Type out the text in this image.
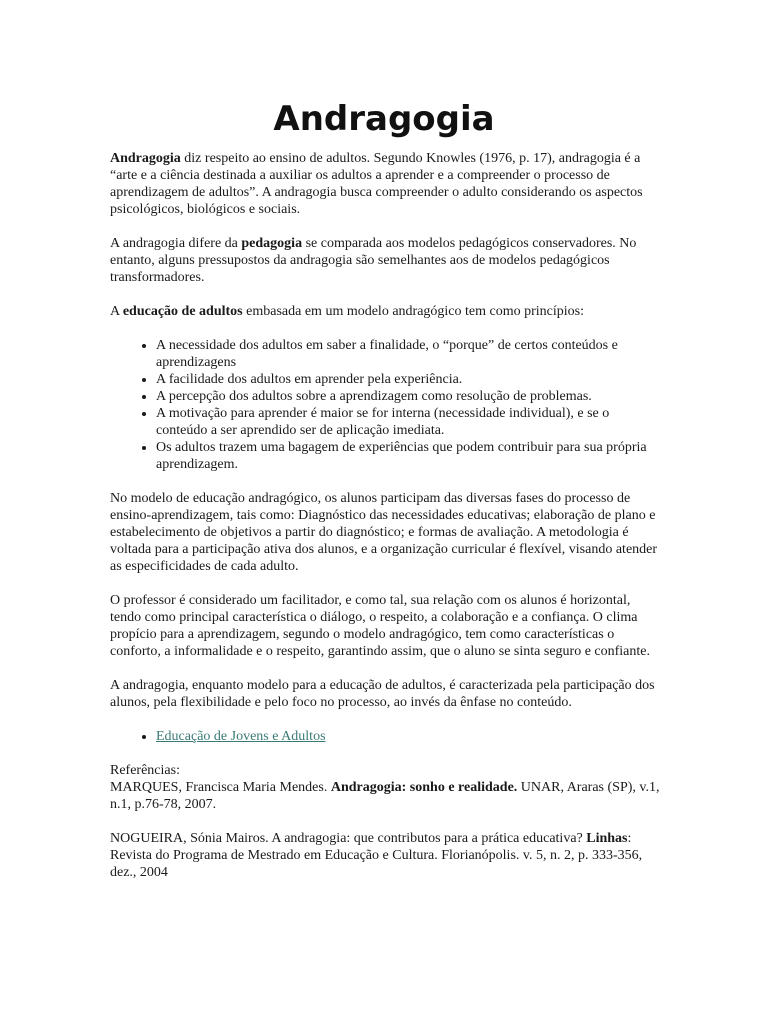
Andragogia

Andragogia diz respeito ao ensino de adultos. Segundo Knowles (1976, p. 17), andragogia é a “arte e a ciência destinada a auxiliar os adultos a aprender e a compreender o processo de aprendizagem de adultos”. A andragogia busca compreender o adulto considerando os aspectos psicológicos, biológicos e sociais.

A andragogia difere da pedagogia se comparada aos modelos pedagógicos conservadores. No entanto, alguns pressupostos da andragogia são semelhantes aos de modelos pedagógicos transformadores.

A educação de adultos embasada em um modelo andragógico tem como princípios:

• A necessidade dos adultos em saber a finalidade, o “porque” de certos conteúdos e aprendizagens
• A facilidade dos adultos em aprender pela experiência.
• A percepção dos adultos sobre a aprendizagem como resolução de problemas.
• A motivação para aprender é maior se for interna (necessidade individual), e se o conteúdo a ser aprendido ser de aplicação imediata.
• Os adultos trazem uma bagagem de experiências que podem contribuir para sua própria aprendizagem.

No modelo de educação andragógico, os alunos participam das diversas fases do processo de ensino-aprendizagem, tais como: Diagnóstico das necessidades educativas; elaboração de plano e estabelecimento de objetivos a partir do diagnóstico; e formas de avaliação. A metodologia é voltada para a participação ativa dos alunos, e a organização curricular é flexível, visando atender as especificidades de cada adulto.

O professor é considerado um facilitador, e como tal, sua relação com os alunos é horizontal, tendo como principal característica o diálogo, o respeito, a colaboração e a confiança. O clima propício para a aprendizagem, segundo o modelo andragógico, tem como características o conforto, a informalidade e o respeito, garantindo assim, que o aluno se sinta seguro e confiante.

A andragogia, enquanto modelo para a educação de adultos, é caracterizada pela participação dos alunos, pela flexibilidade e pelo foco no processo, ao invés da ênfase no conteúdo.

• Educação de Jovens e Adultos

Referências:
MARQUES, Francisca Maria Mendes. Andragogia: sonho e realidade. UNAR, Araras (SP), v.1, n.1, p.76-78, 2007.

NOGUEIRA, Sónia Mairos. A andragogia: que contributos para a prática educativa? Linhas: Revista do Programa de Mestrado em Educação e Cultura. Florianópolis. v. 5, n. 2, p. 333-356, dez., 2004
